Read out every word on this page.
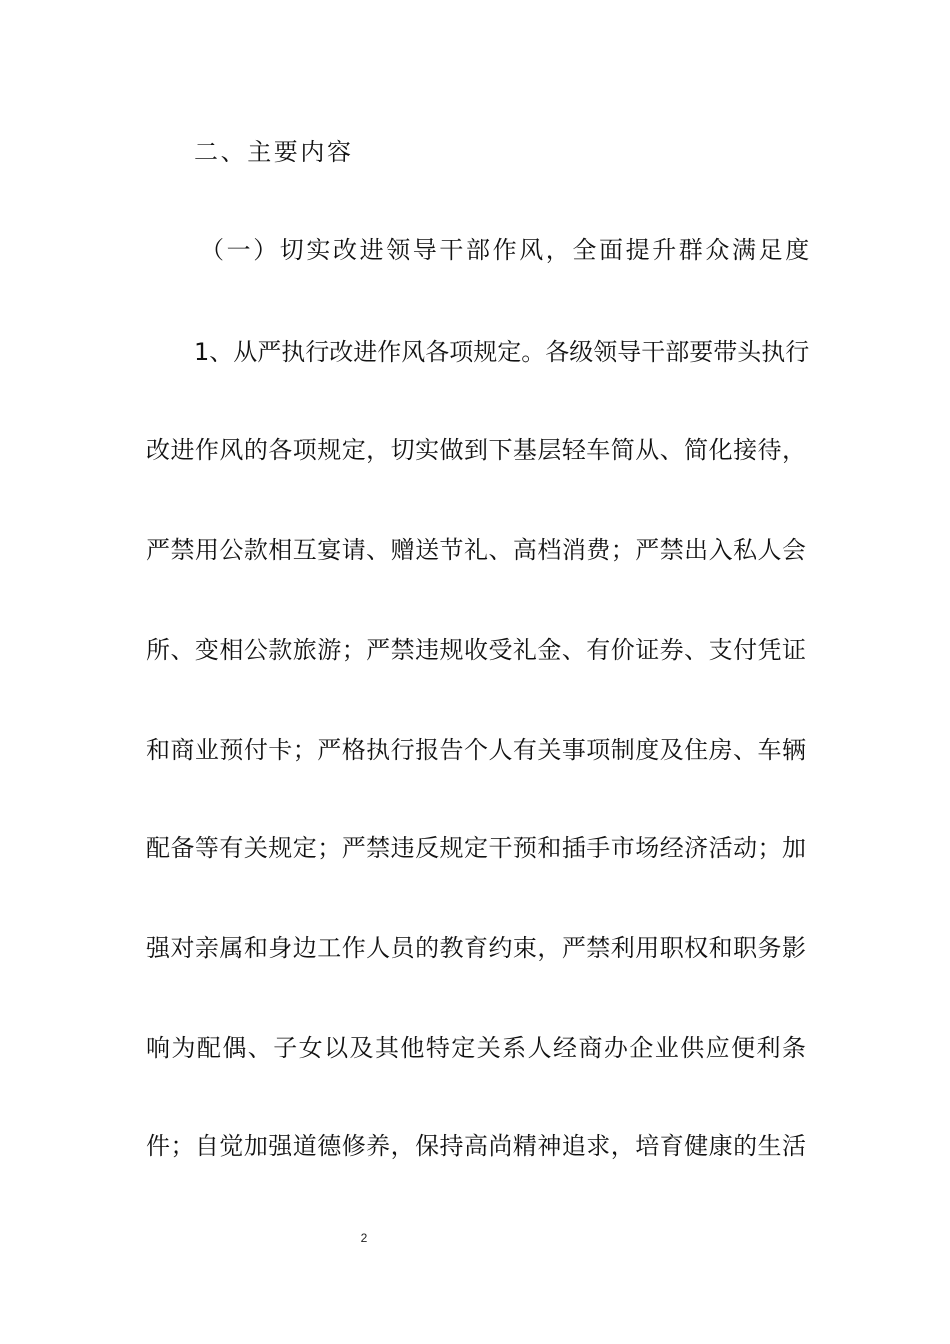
二、主要内容
（一）切实改进领导干部作风，全面提升群众满足度
1、从严执行改进作风各项规定。各级领导干部要带头执行
改进作风的各项规定，切实做到下基层轻车简从、简化接待，
严禁用公款相互宴请、赠送节礼、高档消费；严禁出入私人会
所、变相公款旅游；严禁违规收受礼金、有价证券、支付凭证
和商业预付卡；严格执行报告个人有关事项制度及住房、车辆
配备等有关规定；严禁违反规定干预和插手市场经济活动；加
强对亲属和身边工作人员的教育约束，严禁利用职权和职务影
响为配偶、子女以及其他特定关系人经商办企业供应便利条
件；自觉加强道德修养，保持高尚精神追求，培育健康的生活
2
